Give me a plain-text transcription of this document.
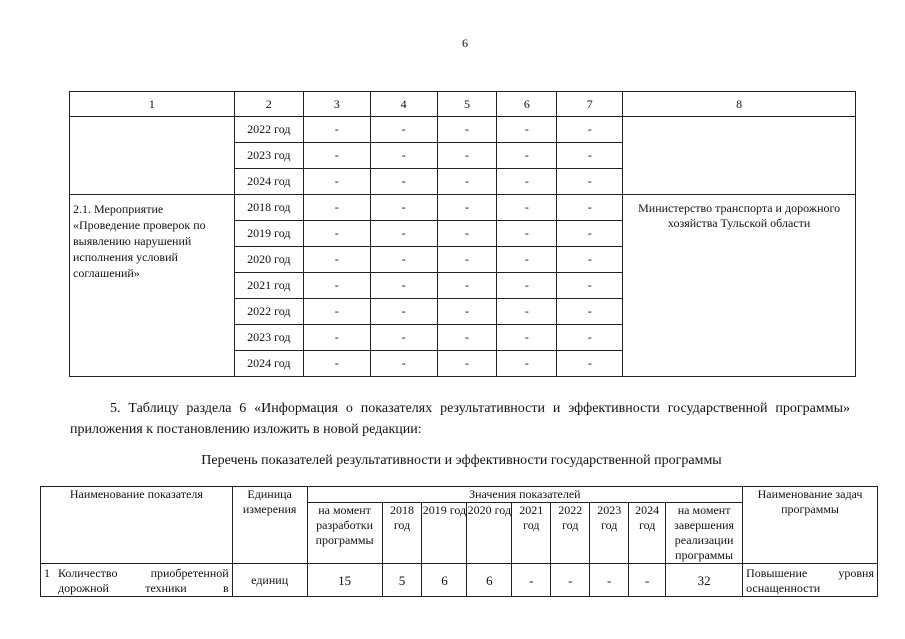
6
1	2	3	4	5	6	7	8
	2022 год	-	-	-	-	-	
	2023 год	-	-	-	-	-	
	2024 год	-	-	-	-	-	
2.1. Мероприятие «Проведение проверок по выявлению нарушений исполнения условий соглашений»	2018 год	-	-	-	-	-	Министерство транспорта и дорожного хозяйства Тульской области
	2019 год	-	-	-	-	-	
	2020 год	-	-	-	-	-	
	2021 год	-	-	-	-	-	
	2022 год	-	-	-	-	-	
	2023 год	-	-	-	-	-	
	2024 год	-	-	-	-	-	

5. Таблицу раздела 6 «Информация о показателях результативности и эффективности государственной программы» приложения к постановлению изложить в новой редакции:

Перечень показателей результативности и эффективности государственной программы
Наименование показателя	Единица измерения	Значения показателей									Наименование задач программы
		на момент разработки программы	2018 год	2019 год	2020 год	2021 год	2022 год	2023 год	2024 год	на момент завершения реализации программы	

1 Количество приобретенной дорожной техники в	единиц	15	5	6	6	-	-	-	-	32	Повышение уровня оснащенности
